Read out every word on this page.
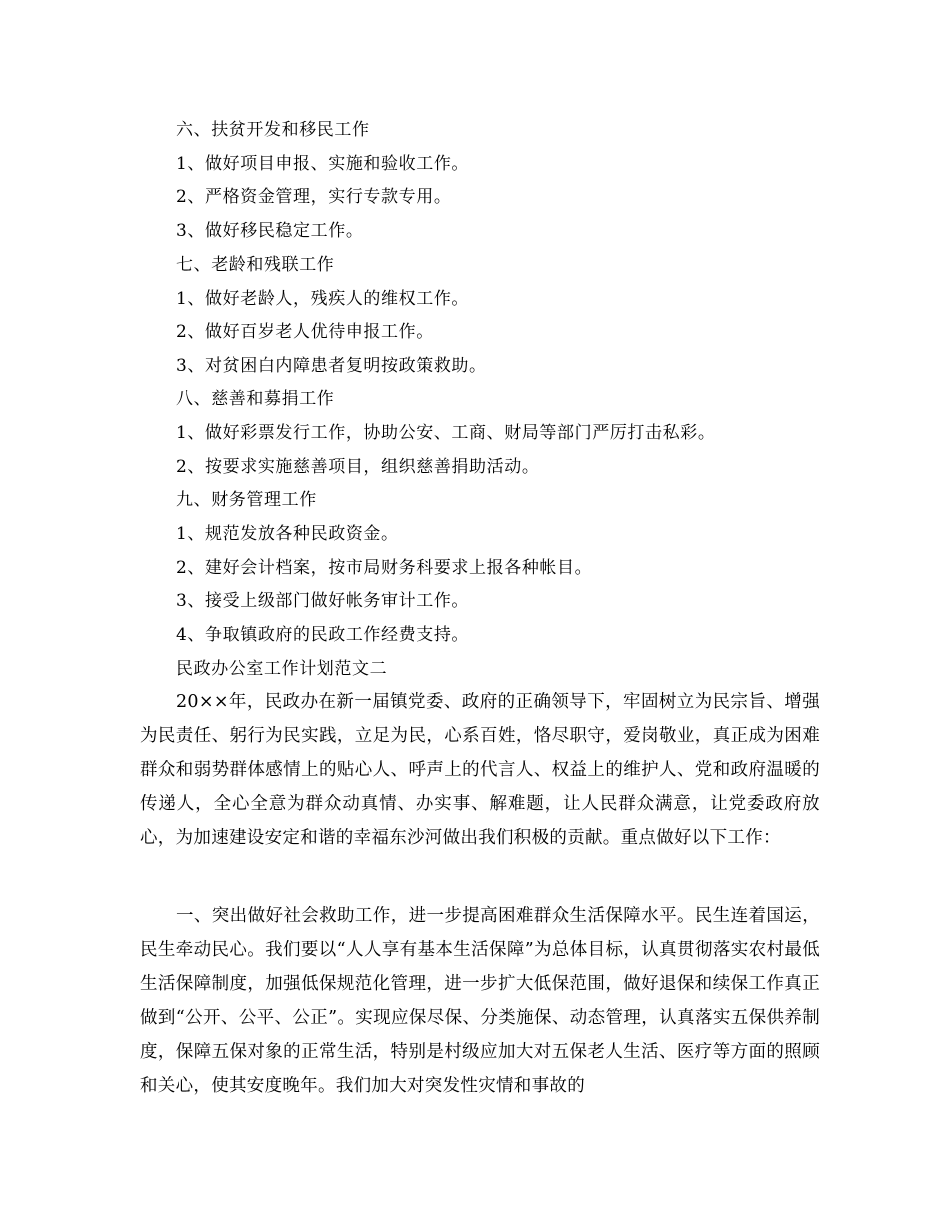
六、扶贫开发和移民工作
1、做好项目申报、实施和验收工作。
2、严格资金管理，实行专款专用。
3、做好移民稳定工作。
七、老龄和残联工作
1、做好老龄人，残疾人的维权工作。
2、做好百岁老人优待申报工作。
3、对贫困白内障患者复明按政策救助。
八、慈善和募捐工作
1、做好彩票发行工作，协助公安、工商、财局等部门严厉打击私彩。
2、按要求实施慈善项目，组织慈善捐助活动。
九、财务管理工作
1、规范发放各种民政资金。
2、建好会计档案，按市局财务科要求上报各种帐目。
3、接受上级部门做好帐务审计工作。
4、争取镇政府的民政工作经费支持。
民政办公室工作计划范文二
20××年，民政办在新一届镇党委、政府的正确领导下，牢固树立为民宗旨、增强为民责任、躬行为民实践，立足为民，心系百姓，恪尽职守，爱岗敬业，真正成为困难群众和弱势群体感情上的贴心人、呼声上的代言人、权益上的维护人、党和政府温暖的传递人，全心全意为群众动真情、办实事、解难题，让人民群众满意，让党委政府放心，为加速建设安定和谐的幸福东沙河做出我们积极的贡献。重点做好以下工作：
一、突出做好社会救助工作，进一步提高困难群众生活保障水平。民生连着国运，民生牵动民心。我们要以“人人享有基本生活保障”为总体目标，认真贯彻落实农村最低生活保障制度，加强低保规范化管理，进一步扩大低保范围，做好退保和续保工作真正做到“公开、公平、公正”。实现应保尽保、分类施保、动态管理，认真落实五保供养制度，保障五保对象的正常生活，特别是村级应加大对五保老人生活、医疗等方面的照顾和关心，使其安度晚年。我们加大对突发性灾情和事故的
